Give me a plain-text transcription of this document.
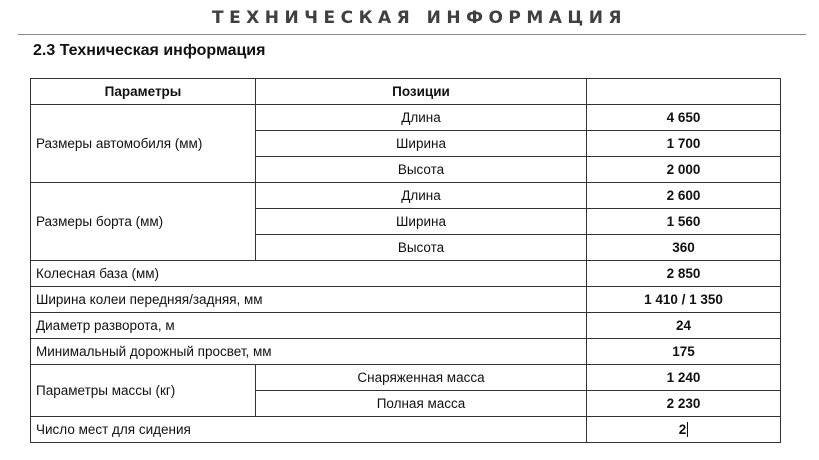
ТЕХНИЧЕСКАЯ ИНФОРМАЦИЯ
2.3 Техническая информация
Параметры	Позиции	
Размеры автомобиля (мм)	Длина	4 650
	Ширина	1 700
	Высота	2 000
Размеры борта (мм)	Длина	2 600
	Ширина	1 560
	Высота	360
Колесная база (мм)		2 850
Ширина колеи передняя/задняя, мм		1 410 / 1 350
Диаметр разворота, м		24
Минимальный дорожный просвет, мм		175
Параметры массы (кг)	Снаряженная масса	1 240
	Полная масса	2 230
Число мест для сидения		2
